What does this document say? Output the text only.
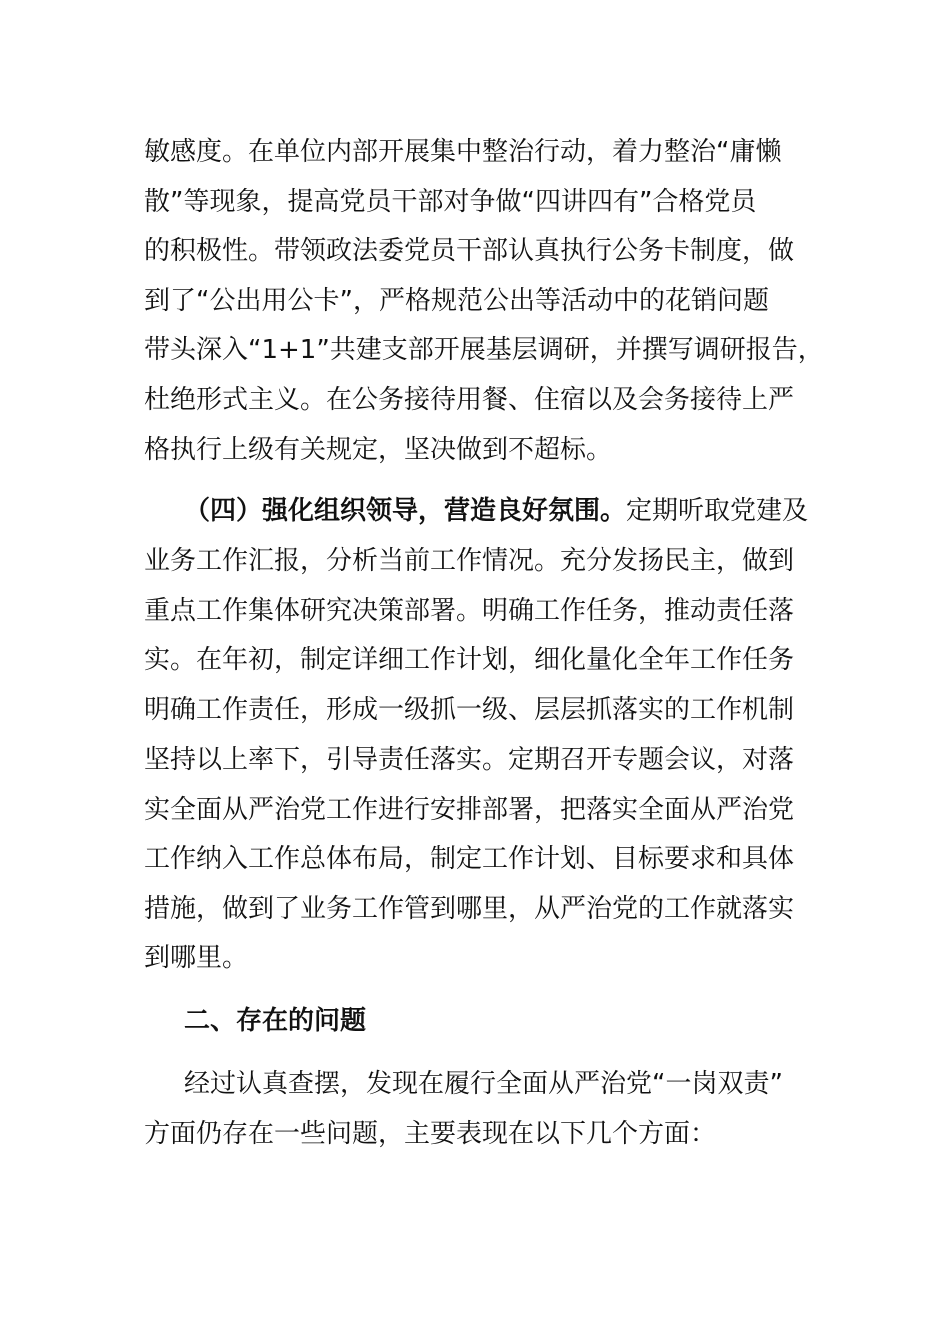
敏感度。在单位内部开展集中整治行动，着力整治“庸懒
散”等现象，提高党员干部对争做“四讲四有”合格党员
的积极性。带领政法委党员干部认真执行公务卡制度，做
到了“公出用公卡”，严格规范公出等活动中的花销问题
带头深入“1+1”共建支部开展基层调研，并撰写调研报告，
杜绝形式主义。在公务接待用餐、住宿以及会务接待上严
格执行上级有关规定，坚决做到不超标。
（四）强化组织领导，营造良好氛围。定期听取党建及
业务工作汇报，分析当前工作情况。充分发扬民主，做到
重点工作集体研究决策部署。明确工作任务，推动责任落
实。在年初，制定详细工作计划，细化量化全年工作任务
明确工作责任，形成一级抓一级、层层抓落实的工作机制
坚持以上率下，引导责任落实。定期召开专题会议，对落
实全面从严治党工作进行安排部署，把落实全面从严治党
工作纳入工作总体布局，制定工作计划、目标要求和具体
措施，做到了业务工作管到哪里，从严治党的工作就落实
到哪里。
二、存在的问题
经过认真查摆，发现在履行全面从严治党“一岗双责”
方面仍存在一些问题，主要表现在以下几个方面：
